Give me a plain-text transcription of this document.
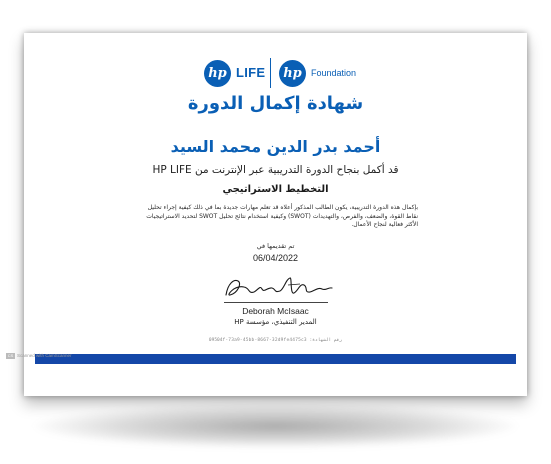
hp LIFE	hp	Foundation
شهادة إكمال الدورة
أحمد بدر الدين محمد السيد
قد أكمل بنجاح الدورة التدريبية عبر الإنترنت من HP LIFE
التخطيط الاستراتيجي
بإكمال هذه الدورة التدريبية، يكون الطالب المذكور أعلاه قد تعلم مهارات جديدة بما في ذلك كيفية إجراء تحليل نقاط القوة، والضعف، والفرص، والتهديدات (SWOT) وكيفية استخدام نتائج تحليل SWOT لتحديد الاستراتيجيات الأكثر فعالية لنجاح الأعمال.
تم تقديمها في
06/04/2022
Deborah McIsaac
المدير التنفيذي، مؤسسة HP
رقم الشهادة: 09504f-73a9-45bb-8667-32d9fe4475c3
CS Scanned with CamScanner
